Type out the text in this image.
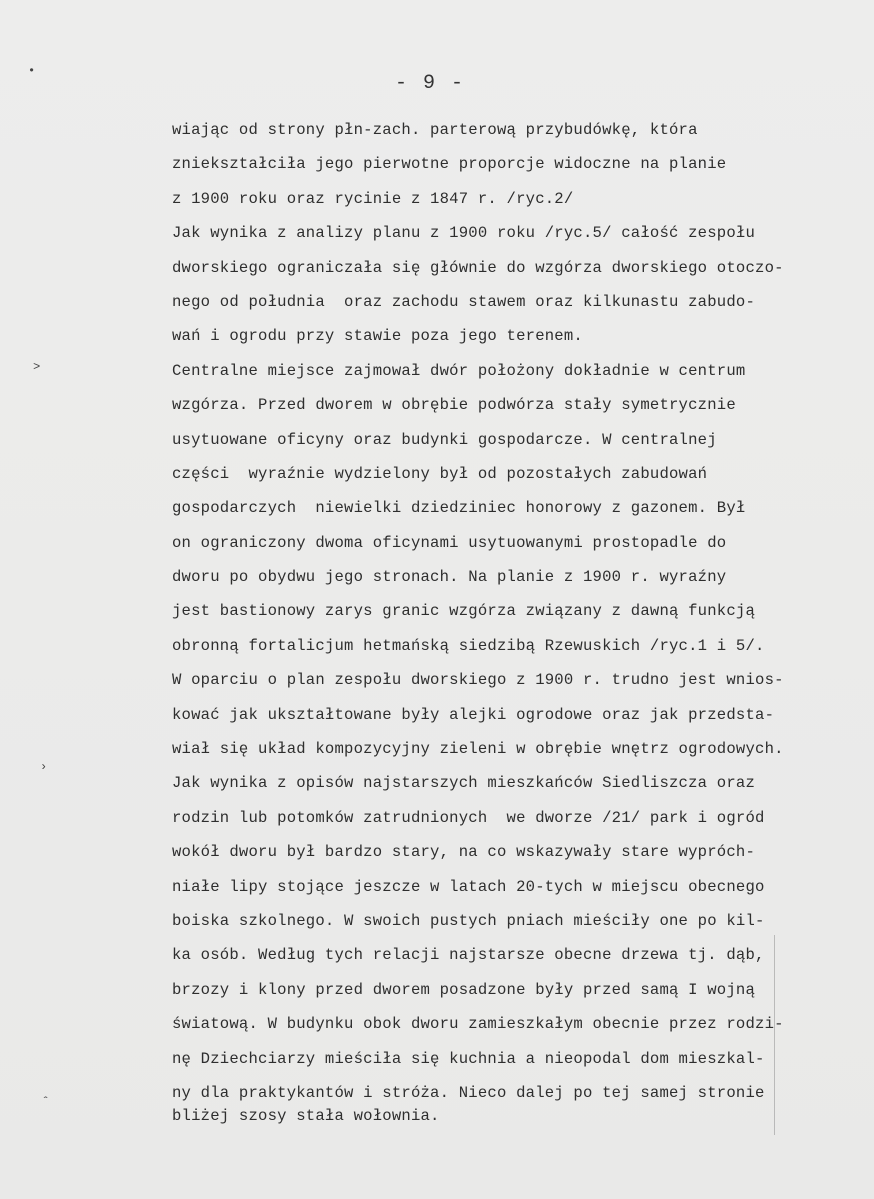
•
˃
›
ˆ
- 9 -
wiając od strony płn-zach. parterową przybudówkę, która
zniekształciła jego pierwotne proporcje widoczne na planie
z 1900 roku oraz rycinie z 1847 r. /ryc.2/
Jak wynika z analizy planu z 1900 roku /ryc.5/ całość zespołu
dworskiego ograniczała się głównie do wzgórza dworskiego otoczo-
nego od południa  oraz zachodu stawem oraz kilkunastu zabudo-
wań i ogrodu przy stawie poza jego terenem.
Centralne miejsce zajmował dwór położony dokładnie w centrum
wzgórza. Przed dworem w obrębie podwórza stały symetrycznie
usytuowane oficyny oraz budynki gospodarcze. W centralnej
części  wyraźnie wydzielony był od pozostałych zabudowań
gospodarczych  niewielki dziedziniec honorowy z gazonem. Był
on ograniczony dwoma oficynami usytuowanymi prostopadle do
dworu po obydwu jego stronach. Na planie z 1900 r. wyraźny
jest bastionowy zarys granic wzgórza związany z dawną funkcją
obronną fortalicjum hetmańską siedzibą Rzewuskich /ryc.1 i 5/.
W oparciu o plan zespołu dworskiego z 1900 r. trudno jest wnios-
kować jak ukształtowane były alejki ogrodowe oraz jak przedsta-
wiał się układ kompozycyjny zieleni w obrębie wnętrz ogrodowych.
Jak wynika z opisów najstarszych mieszkańców Siedliszcza oraz
rodzin lub potomków zatrudnionych  we dworze /21/ park i ogród
wokół dworu był bardzo stary, na co wskazywały stare wypróch-
niałe lipy stojące jeszcze w latach 20-tych w miejscu obecnego
boiska szkolnego. W swoich pustych pniach mieściły one po kil-
ka osób. Według tych relacji najstarsze obecne drzewa tj. dąb,
brzozy i klony przed dworem posadzone były przed samą I wojną
światową. W budynku obok dworu zamieszkałym obecnie przez rodzi-
nę Dziechciarzy mieściła się kuchnia a nieopodal dom mieszkal-
ny dla praktykantów i stróża. Nieco dalej po tej samej stronie
bliżej szosy stała wołownia.
